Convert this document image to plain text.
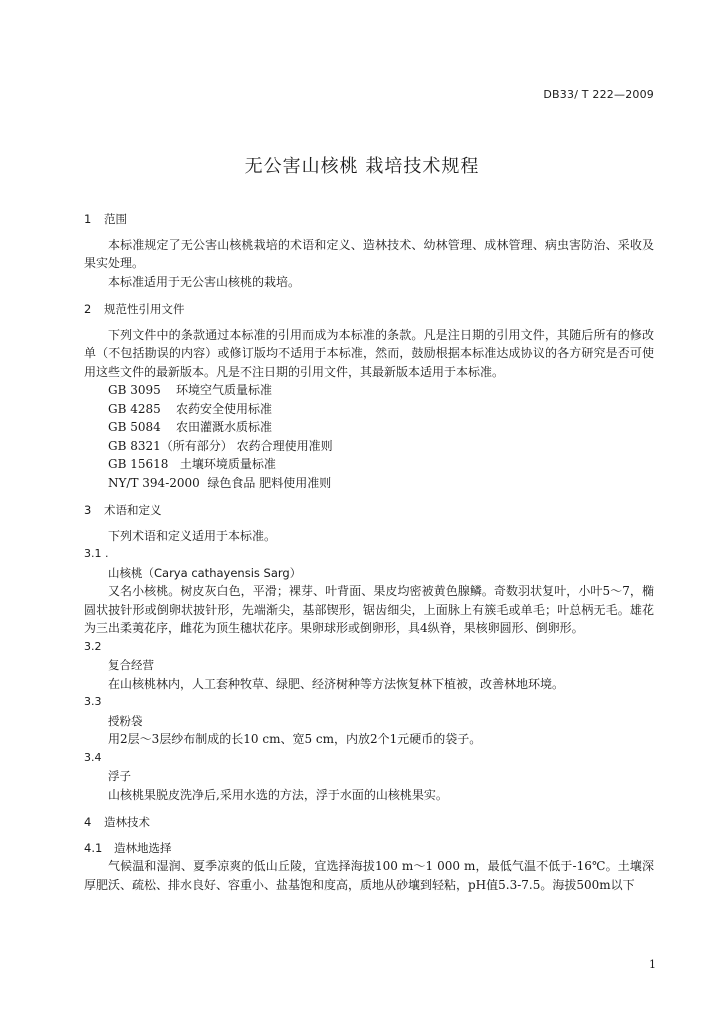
DB33/ T 222—2009
无公害山核桃 栽培技术规程

1 范围

本标准规定了无公害山核桃栽培的术语和定义、造林技术、幼林管理、成林管理、病虫害防治、采收及果实处理。

本标准适用于无公害山核桃的栽培。

2 规范性引用文件

下列文件中的条款通过本标准的引用而成为本标准的条款。凡是注日期的引用文件，其随后所有的修改单（不包括勘误的内容）或修订版均不适用于本标准，然而，鼓励根据本标准达成协议的各方研究是否可使用这些文件的最新版本。凡是不注日期的引用文件，其最新版本适用于本标准。

GB 3095    环境空气质量标准

GB 4285    农药安全使用标准

GB 5084    农田灌溉水质标准

GB 8321（所有部分） 农药合理使用准则

GB 15618   土壤环境质量标准

NY/T 394-2000  绿色食品 肥料使用准则

3 术语和定义

下列术语和定义适用于本标准。

3.1 .

山核桃（Carya cathayensis Sarg）

又名小核桃。树皮灰白色，平滑；裸芽、叶背面、果皮均密被黄色腺鳞。奇数羽状复叶，小叶5～7，椭圆状披针形或倒卵状披针形，先端渐尖，基部锲形，锯齿细尖，上面脉上有簇毛或单毛；叶总柄无毛。雄花为三出柔荑花序，雌花为顶生穗状花序。果卵球形或倒卵形，具4纵脊，果核卵圆形、倒卵形。

3.2

复合经营

在山核桃林内，人工套种牧草、绿肥、经济树种等方法恢复林下植被，改善林地环境。

3.3

授粉袋

用2层～3层纱布制成的长10 cm、宽5 cm，内放2个1元硬币的袋子。

3.4

浮子

山核桃果脱皮洗净后,采用水选的方法，浮于水面的山核桃果实。

4 造林技术

4.1 造林地选择

气候温和湿润、夏季凉爽的低山丘陵，宜选择海拔100 m～1 000 m，最低气温不低于-16℃。土壤深厚肥沃、疏松、排水良好、容重小、盐基饱和度高，质地从砂壤到轻粘，pH值5.3-7.5。海拔500m以下

1
